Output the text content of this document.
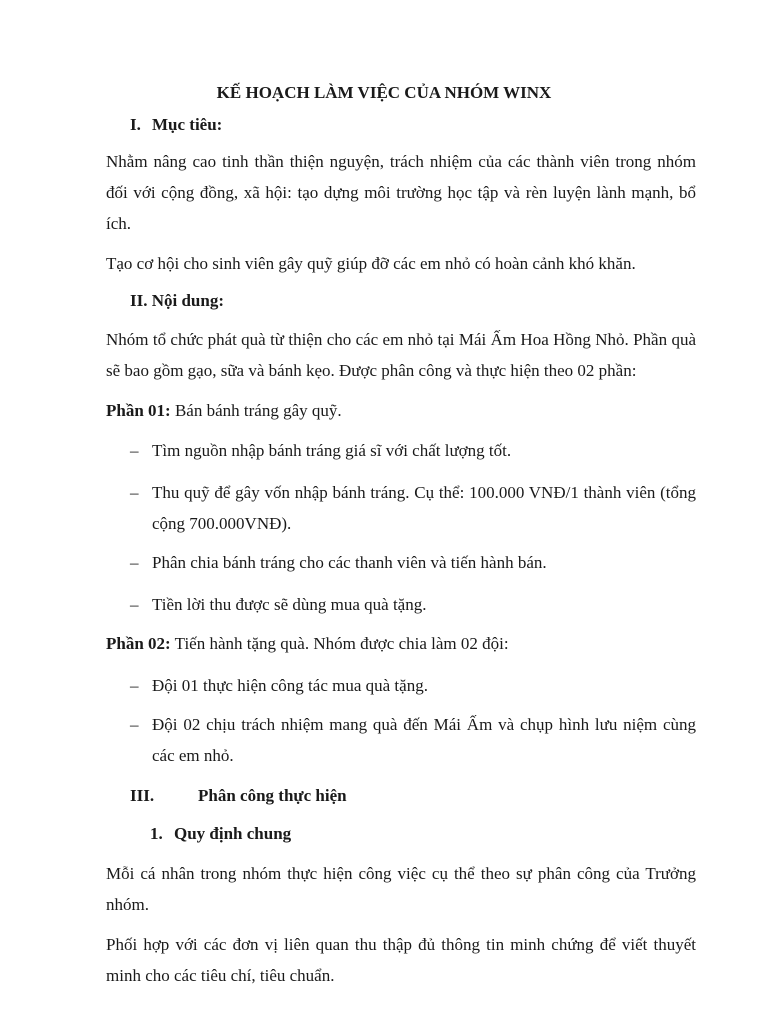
KẾ HOẠCH LÀM VIỆC CỦA NHÓM WINX
I. Mục tiêu:

Nhằm nâng cao tinh thần thiện nguyện, trách nhiệm của các thành viên trong nhóm đối với cộng đồng, xã hội: tạo dựng môi trường học tập và rèn luyện lành mạnh, bổ ích.

Tạo cơ hội cho sinh viên gây quỹ giúp đỡ các em nhỏ có hoàn cảnh khó khăn.

II. Nội dung:

Nhóm tổ chức phát quà từ thiện cho các em nhỏ tại Mái Ấm Hoa Hồng Nhỏ. Phần quà sẽ bao gồm gạo, sữa và bánh kẹo. Được phân công và thực hiện theo 02 phần:

Phần 01: Bán bánh tráng gây quỹ.

– Tìm nguồn nhập bánh tráng giá sĩ với chất lượng tốt.
– Thu quỹ để gây vốn nhập bánh tráng. Cụ thể: 100.000 VNĐ/1 thành viên (tổng cộng 700.000VNĐ).
– Phân chia bánh tráng cho các thanh viên và tiến hành bán.
– Tiền lời thu được sẽ dùng mua quà tặng.

Phần 02: Tiến hành tặng quà. Nhóm được chia làm 02 đội:

– Đội 01 thực hiện công tác mua quà tặng.
– Đội 02 chịu trách nhiệm mang quà đến Mái Ấm và chụp hình lưu niệm cùng các em nhỏ.
III.	Phân công thực hiện
1. Quy định chung

Mỗi cá nhân trong nhóm thực hiện công việc cụ thể theo sự phân công của Trưởng nhóm.

Phối hợp với các đơn vị liên quan thu thập đủ thông tin minh chứng để viết thuyết minh cho các tiêu chí, tiêu chuẩn.
